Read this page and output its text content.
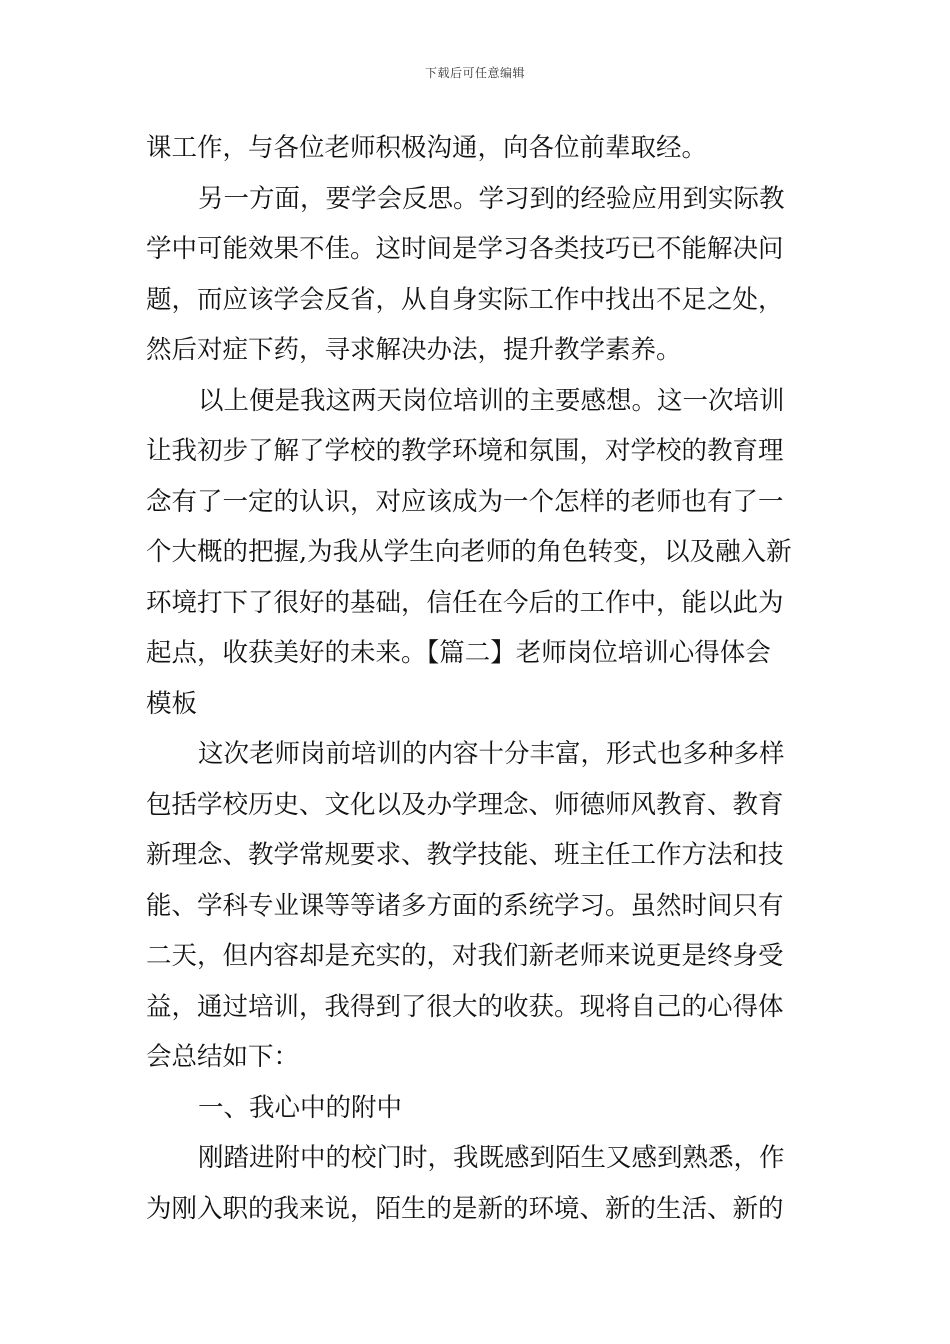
下载后可任意编辑
课工作，与各位老师积极沟通，向各位前辈取经。
另一方面，要学会反思。学习到的经验应用到实际教
学中可能效果不佳。这时间是学习各类技巧已不能解决问
题，而应该学会反省，从自身实际工作中找出不足之处，
然后对症下药，寻求解决办法，提升教学素养。
以上便是我这两天岗位培训的主要感想。这一次培训
让我初步了解了学校的教学环境和氛围，对学校的教育理
念有了一定的认识，对应该成为一个怎样的老师也有了一
个大概的把握,为我从学生向老师的角色转变，以及融入新
环境打下了很好的基础，信任在今后的工作中，能以此为
起点，收获美好的未来。【篇二】老师岗位培训心得体会
模板
这次老师岗前培训的内容十分丰富，形式也多种多样
包括学校历史、文化以及办学理念、师德师风教育、教育
新理念、教学常规要求、教学技能、班主任工作方法和技
能、学科专业课等等诸多方面的系统学习。虽然时间只有
二天，但内容却是充实的，对我们新老师来说更是终身受
益，通过培训，我得到了很大的收获。现将自己的心得体
会总结如下：
一、我心中的附中
刚踏进附中的校门时，我既感到陌生又感到熟悉，作
为刚入职的我来说，陌生的是新的环境、新的生活、新的
